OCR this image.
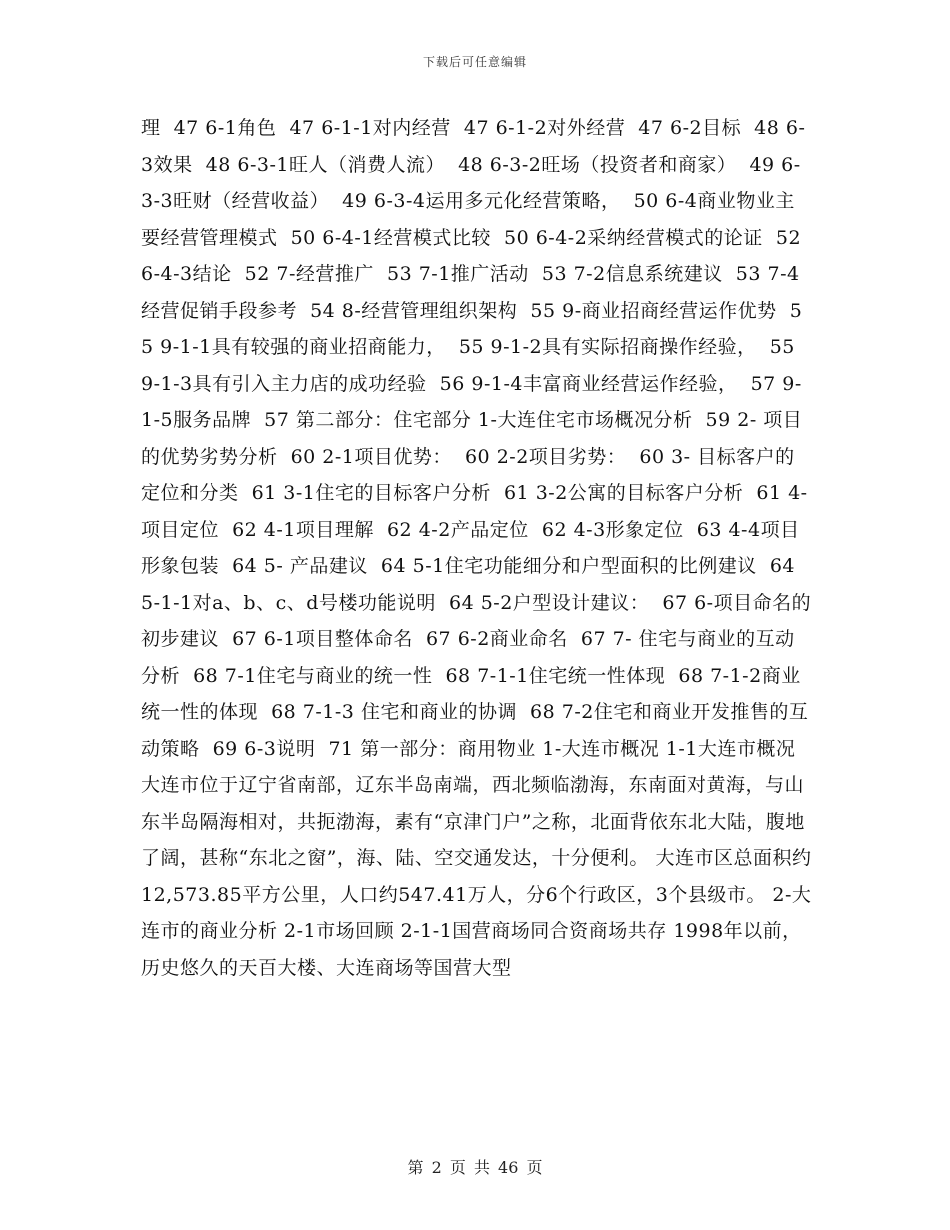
下载后可任意编辑

理  47 6-1角色  47 6-1-1对内经营  47 6-1-2对外经营  47 6-2目标  48 6-3效果  48 6-3-1旺人（消费人流）  48 6-3-2旺场（投资者和商家）  49 6-3-3旺财（经营收益）  49 6-3-4运用多元化经营策略，  50 6-4商业物业主要经营管理模式  50 6-4-1经营模式比较  50 6-4-2采纳经营模式的论证  52 6-4-3结论  52 7-经营推广  53 7-1推广活动  53 7-2信息系统建议  53 7-4经营促销手段参考  54 8-经营管理组织架构  55 9-商业招商经营运作优势  55 9-1-1具有较强的商业招商能力，  55 9-1-2具有实际招商操作经验，  55 9-1-3具有引入主力店的成功经验  56 9-1-4丰富商业经营运作经验，  57 9-1-5服务品牌  57 第二部分：住宅部分 1-大连住宅市场概况分析  59 2- 项目的优势劣势分析  60 2-1项目优势：  60 2-2项目劣势：  60 3- 目标客户的定位和分类  61 3-1住宅的目标客户分析  61 3-2公寓的目标客户分析  61 4- 项目定位  62 4-1项目理解  62 4-2产品定位  62 4-3形象定位  63 4-4项目形象包装  64 5- 产品建议  64 5-1住宅功能细分和户型面积的比例建议  64 5-1-1对a、b、c、d号楼功能说明  64 5-2户型设计建议：  67 6-项目命名的初步建议  67 6-1项目整体命名  67 6-2商业命名  67 7- 住宅与商业的互动分析  68 7-1住宅与商业的统一性  68 7-1-1住宅统一性体现  68 7-1-2商业统一性的体现  68 7-1-3 住宅和商业的协调  68 7-2住宅和商业开发推售的互动策略  69 6-3说明  71 第一部分：商用物业 1-大连市概况 1-1大连市概况 大连市位于辽宁省南部，辽东半岛南端，西北频临渤海，东南面对黄海，与山东半岛隔海相对，共扼渤海，素有“京津门户”之称，北面背依东北大陆，腹地了阔，甚称“东北之窗”，海、陆、空交通发达，十分便利。 大连市区总面积约12,573.85平方公里，人口约547.41万人，分6个行政区，3个县级市。 2-大连市的商业分析 2-1市场回顾 2-1-1国营商场同合资商场共存 1998年以前，历史悠久的天百大楼、大连商场等国营大型

第 2 页 共 46 页
